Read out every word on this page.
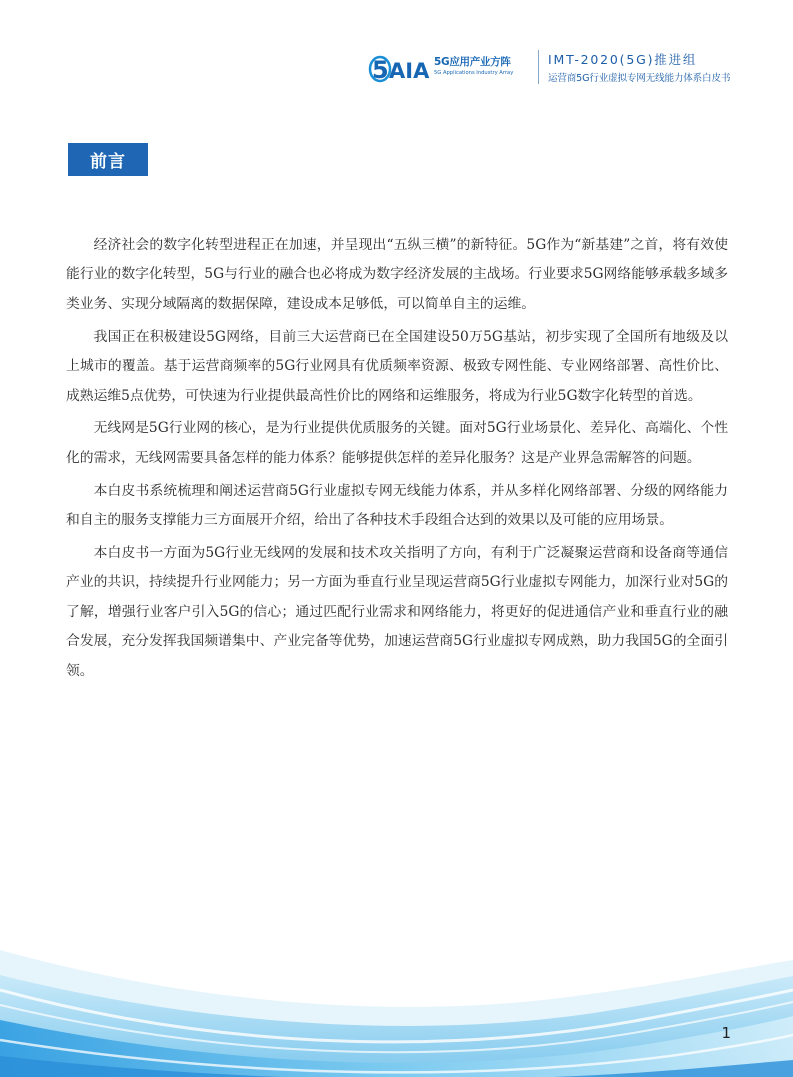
5 AIA 5G应用产业方阵
5G Applications Industry Array
IMT-2020(5G)推进组
运营商5G行业虚拟专网无线能力体系白皮书
前言

经济社会的数字化转型进程正在加速，并呈现出“五纵三横”的新特征。5G作为“新基建”之首，将有效使能行业的数字化转型，5G与行业的融合也必将成为数字经济发展的主战场。行业要求5G网络能够承载多域多类业务、实现分域隔离的数据保障，建设成本足够低，可以简单自主的运维。

我国正在积极建设5G网络，目前三大运营商已在全国建设50万5G基站，初步实现了全国所有地级及以上城市的覆盖。基于运营商频率的5G行业网具有优质频率资源、极致专网性能、专业网络部署、高性价比、成熟运维5点优势，可快速为行业提供最高性价比的网络和运维服务，将成为行业5G数字化转型的首选。

无线网是5G行业网的核心，是为行业提供优质服务的关键。面对5G行业场景化、差异化、高端化、个性化的需求，无线网需要具备怎样的能力体系？能够提供怎样的差异化服务？这是产业界急需解答的问题。

本白皮书系统梳理和阐述运营商5G行业虚拟专网无线能力体系，并从多样化网络部署、分级的网络能力和自主的服务支撑能力三方面展开介绍，给出了各种技术手段组合达到的效果以及可能的应用场景。

本白皮书一方面为5G行业无线网的发展和技术攻关指明了方向，有利于广泛凝聚运营商和设备商等通信产业的共识，持续提升行业网能力；另一方面为垂直行业呈现运营商5G行业虚拟专网能力，加深行业对5G的了解，增强行业客户引入5G的信心；通过匹配行业需求和网络能力，将更好的促进通信产业和垂直行业的融合发展，充分发挥我国频谱集中、产业完备等优势，加速运营商5G行业虚拟专网成熟，助力我国5G的全面引领。

1
